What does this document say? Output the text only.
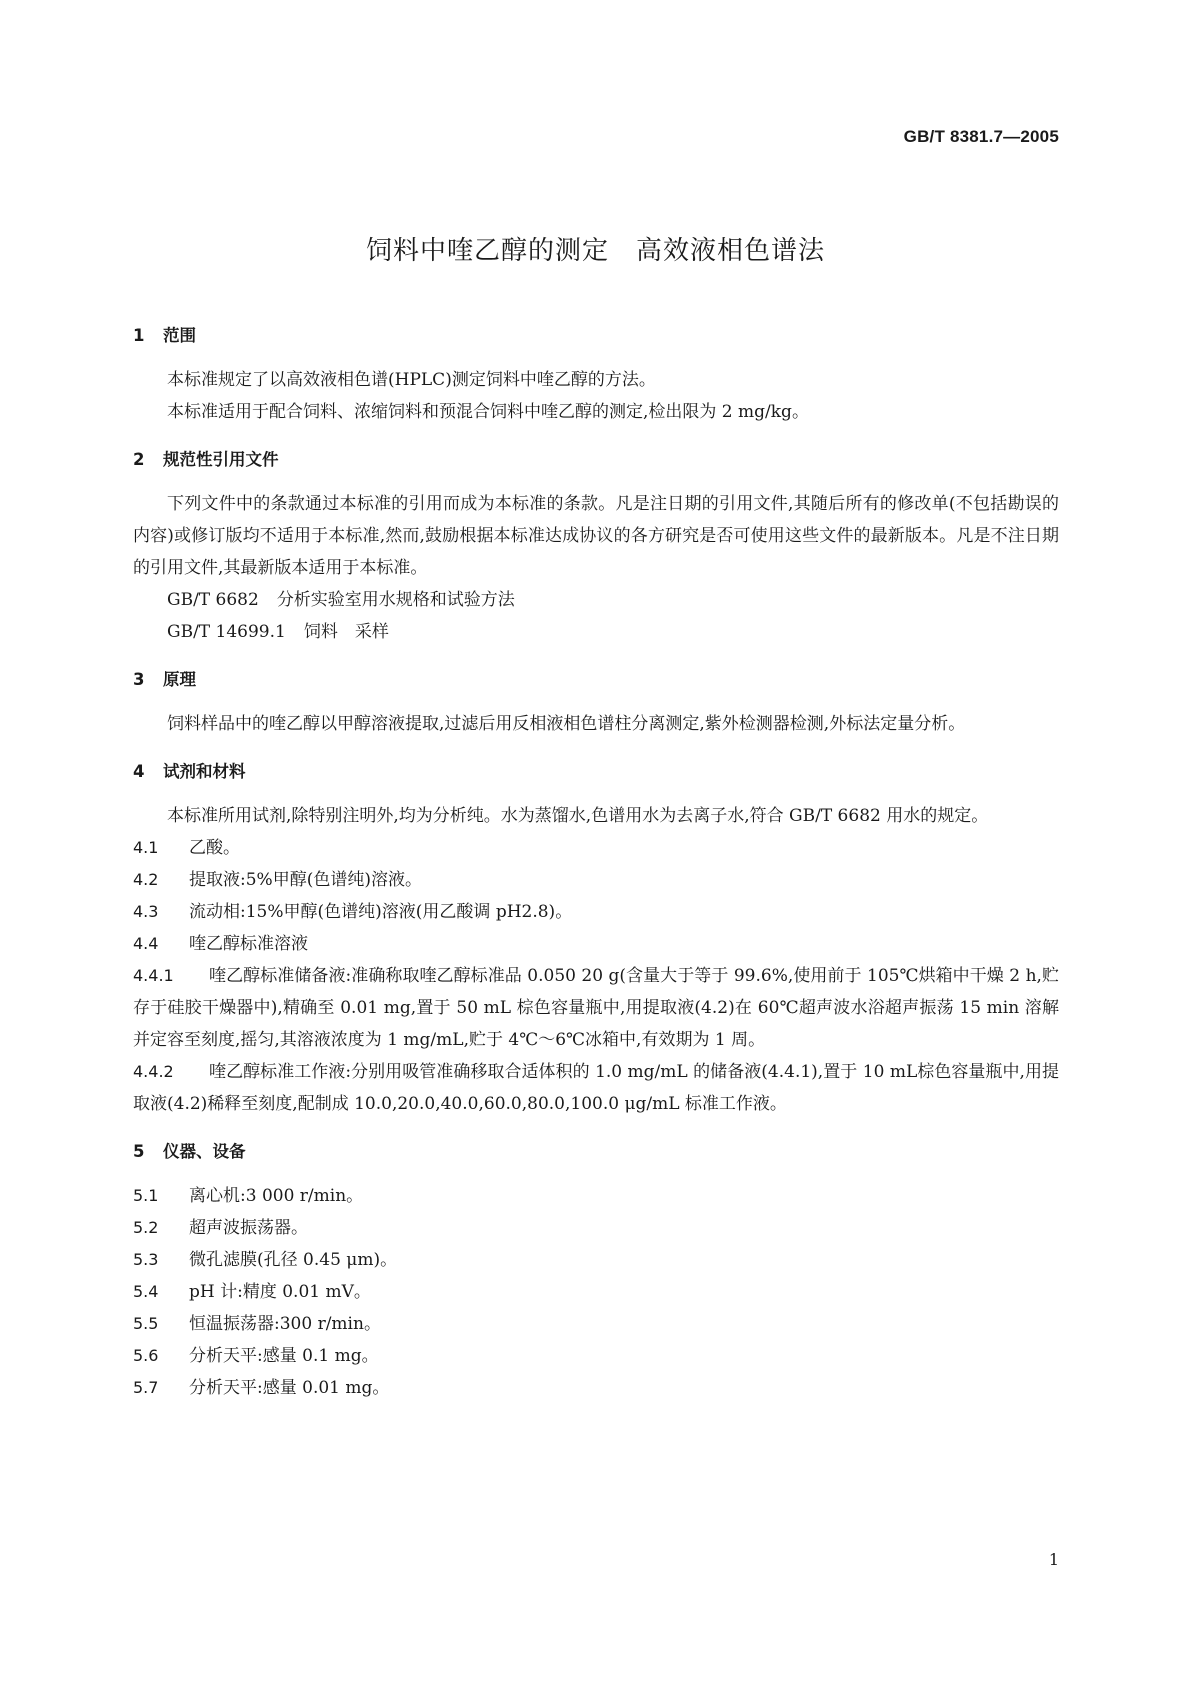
GB/T 8381.7—2005
饲料中喹乙醇的测定　高效液相色谱法
1 范围

本标准规定了以高效液相色谱(HPLC)测定饲料中喹乙醇的方法。

本标准适用于配合饲料、浓缩饲料和预混合饲料中喹乙醇的测定,检出限为 2 mg/kg。

2 规范性引用文件

下列文件中的条款通过本标准的引用而成为本标准的条款。凡是注日期的引用文件,其随后所有的修改单(不包括勘误的内容)或修订版均不适用于本标准,然而,鼓励根据本标准达成协议的各方研究是否可使用这些文件的最新版本。凡是不注日期的引用文件,其最新版本适用于本标准。

GB/T 6682 分析实验室用水规格和试验方法
GB/T 14699.1 饲料　采样
3 原理

饲料样品中的喹乙醇以甲醇溶液提取,过滤后用反相液相色谱柱分离测定,紫外检测器检测,外标法定量分析。

4 试剂和材料

本标准所用试剂,除特别注明外,均为分析纯。水为蒸馏水,色谱用水为去离子水,符合 GB/T 6682 用水的规定。

4.1 乙酸。

4.2 提取液:5%甲醇(色谱纯)溶液。

4.3 流动相:15%甲醇(色谱纯)溶液(用乙酸调 pH2.8)。

4.4 喹乙醇标准溶液

4.4.1 喹乙醇标准储备液:准确称取喹乙醇标准品 0.050 20 g(含量大于等于 99.6%,使用前于 105℃烘箱中干燥 2 h,贮存于硅胶干燥器中),精确至 0.01 mg,置于 50 mL 棕色容量瓶中,用提取液(4.2)在 60℃超声波水浴超声振荡 15 min 溶解并定容至刻度,摇匀,其溶液浓度为 1 mg/mL,贮于 4℃～6℃冰箱中,有效期为 1 周。

4.4.2 喹乙醇标准工作液:分别用吸管准确移取合适体积的 1.0 mg/mL 的储备液(4.4.1),置于 10 mL棕色容量瓶中,用提取液(4.2)稀释至刻度,配制成 10.0,20.0,40.0,60.0,80.0,100.0 μg/mL 标准工作液。

5 仪器、设备

5.1 离心机:3 000 r/min。

5.2 超声波振荡器。

5.3 微孔滤膜(孔径 0.45 μm)。

5.4 pH 计:精度 0.01 mV。

5.5 恒温振荡器:300 r/min。

5.6 分析天平:感量 0.1 mg。

5.7 分析天平:感量 0.01 mg。

1
